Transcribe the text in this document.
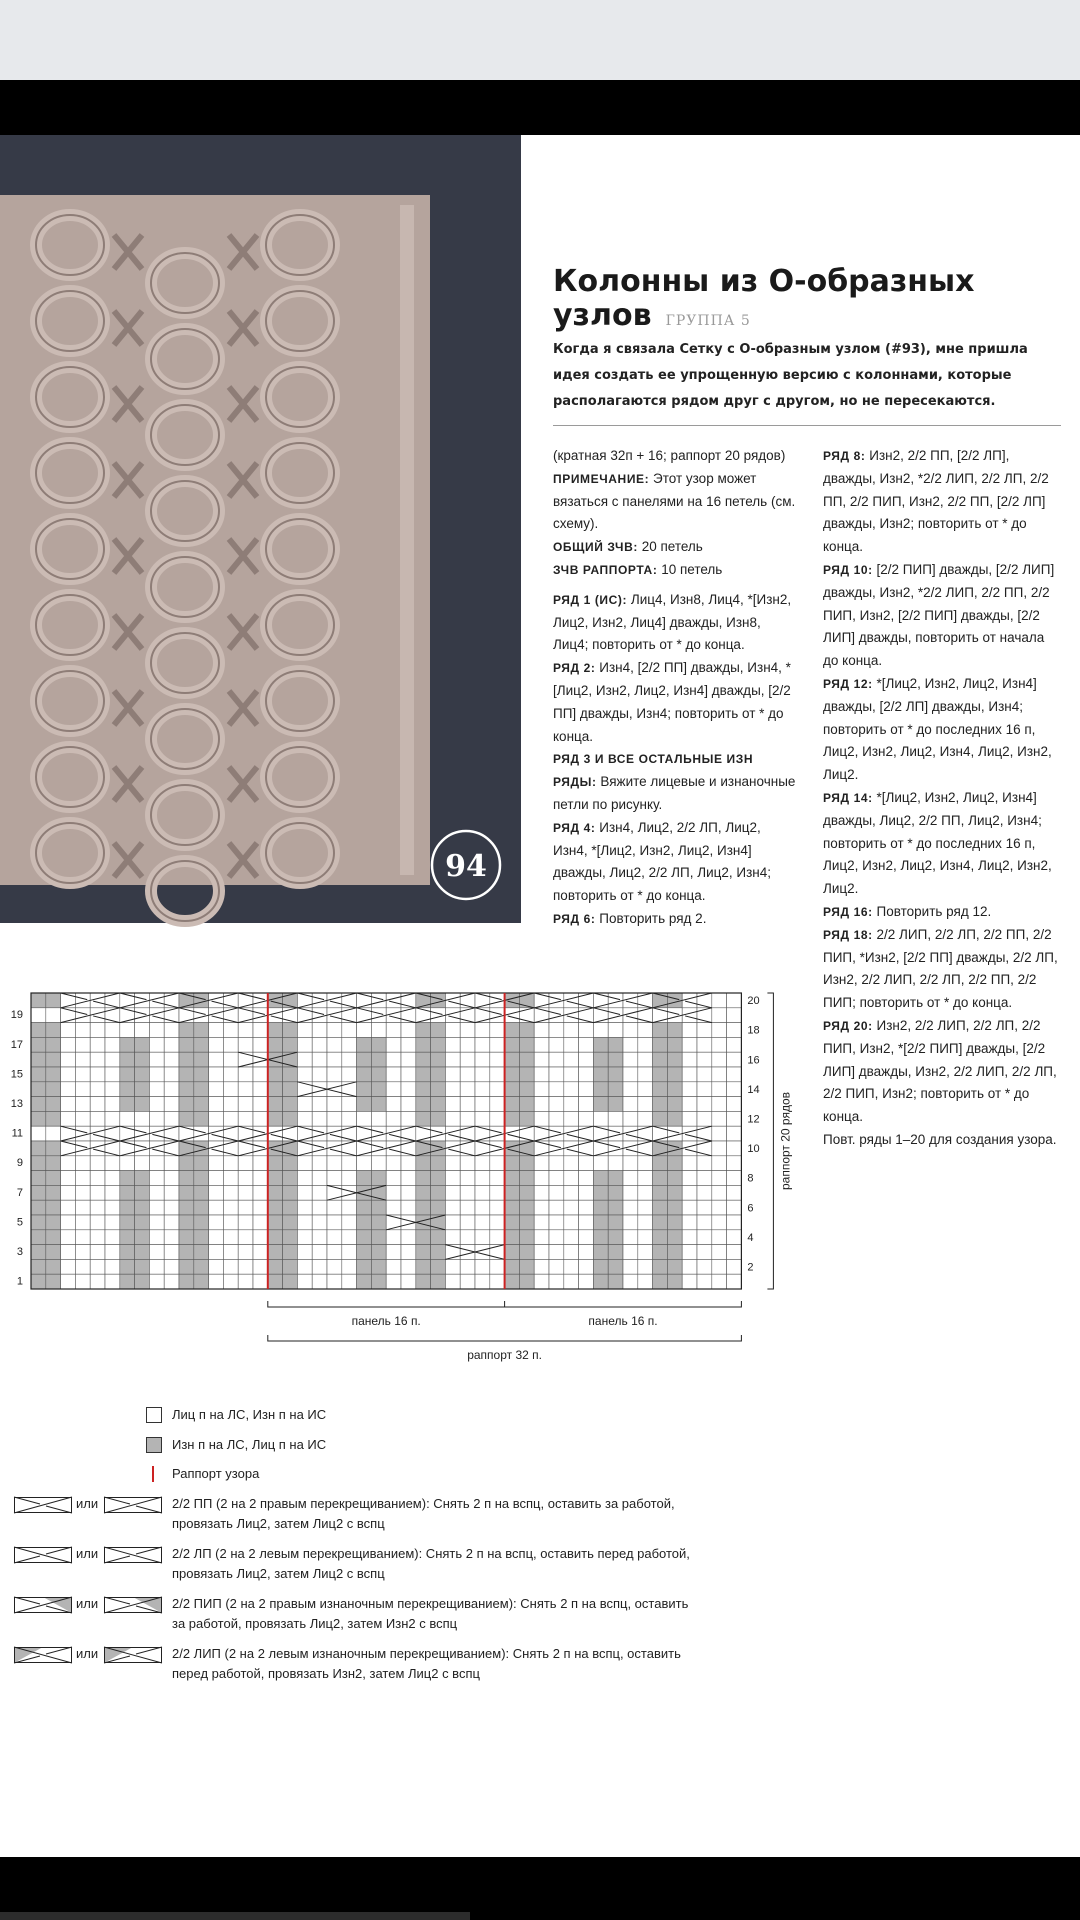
94
Колонны из О-образных
узлов ГРУППА 5

Когда я связала Сетку с О-образным узлом (#93), мне пришла идея создать ее упрощенную версию с колоннами, которые располагаются рядом друг с другом, но не пересекаются.

(кратная 32п + 16; раппорт 20 рядов)

ПРИМЕЧАНИЕ: Этот узор может вязаться с панелями на 16 петель (см. схему).

ОБЩИЙ ЗЧВ: 20 петель

ЗЧВ РАППОРТА: 10 петель

РЯД 1 (ИС): Лиц4, Изн8, Лиц4, *[Изн2, Лиц2, Изн2, Лиц4] дважды, Изн8, Лиц4; повторить от * до конца.

РЯД 2: Изн4, [2/2 ПП] дважды, Изн4, *[Лиц2, Изн2, Лиц2, Изн4] дважды, [2/2 ПП] дважды, Изн4; повторить от * до конца.

РЯД 3 И ВСЕ ОСТАЛЬНЫЕ ИЗН РЯДЫ: Вяжите лицевые и изнаночные петли по рисунку.

РЯД 4: Изн4, Лиц2, 2/2 ЛП, Лиц2, Изн4, *[Лиц2, Изн2, Лиц2, Изн4] дважды, Лиц2, 2/2 ЛП, Лиц2, Изн4; повторить от * до конца.

РЯД 6: Повторить ряд 2.

РЯД 8: Изн2, 2/2 ПП, [2/2 ЛП], дважды, Изн2, *2/2 ЛИП, 2/2 ЛП, 2/2 ПП, 2/2 ПИП, Изн2, 2/2 ПП, [2/2 ЛП] дважды, Изн2; повторить от * до конца.

РЯД 10: [2/2 ПИП] дважды, [2/2 ЛИП] дважды, Изн2, *2/2 ЛИП, 2/2 ПП, 2/2 ПИП, Изн2, [2/2 ПИП] дважды, [2/2 ЛИП] дважды, повторить от начала до конца.

РЯД 12: *[Лиц2, Изн2, Лиц2, Изн4] дважды, [2/2 ЛП] дважды, Изн4; повторить от * до последних 16 п, Лиц2, Изн2, Лиц2, Изн4, Лиц2, Изн2, Лиц2.

РЯД 14: *[Лиц2, Изн2, Лиц2, Изн4] дважды, Лиц2, 2/2 ПП, Лиц2, Изн4; повторить от * до последних 16 п, Лиц2, Изн2, Лиц2, Изн4, Лиц2, Изн2, Лиц2.

РЯД 16: Повторить ряд 12.

РЯД 18: 2/2 ЛИП, 2/2 ЛП, 2/2 ПП, 2/2 ПИП, *Изн2, [2/2 ПП] дважды, 2/2 ЛП, Изн2, 2/2 ЛИП, 2/2 ЛП, 2/2 ПП, 2/2 ПИП; повторить от * до конца.

РЯД 20: Изн2, 2/2 ЛИП, 2/2 ЛП, 2/2 ПИП, Изн2, *[2/2 ПИП] дважды, [2/2 ЛИП] дважды, Изн2, 2/2 ЛИП, 2/2 ЛП, 2/2 ПИП, Изн2; повторить от * до конца.

Повт. ряды 1–20 для создания узора.

19
17
15
13
11
9
7
5
3
1
20
18
16
14
12
10
8
6
4
2
раппорт 20 рядов
панель 16 п.	панель 16 п.
раппорт 32 п.
Лиц п на ЛС, Изн п на ИС
Изн п на ЛС, Лиц п на ИС
Раппорт узора
или	2/2 ПП (2 на 2 правым перекрещиванием): Снять 2 п на вспц, оставить за работой, провязать Лиц2, затем Лиц2 с вспц
или	2/2 ЛП (2 на 2 левым перекрещиванием): Снять 2 п на вспц, оставить перед работой, провязать Лиц2, затем Лиц2 с вспц
или	2/2 ПИП (2 на 2 правым изнаночным перекрещиванием): Снять 2 п на вспц, оставить за работой, провязать Лиц2, затем Изн2 с вспц
или	2/2 ЛИП (2 на 2 левым изнаночным перекрещиванием): Снять 2 п на вспц, оставить перед работой, провязать Изн2, затем Лиц2 с вспц
